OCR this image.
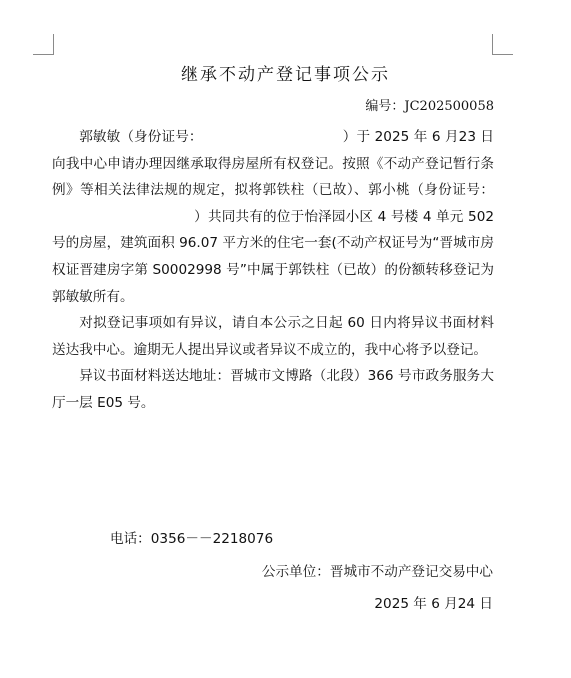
继承不动产登记事项公示
编号：JC202500058

郭敏敏（身份证号：	）于 2025 年 6 月23 日向我中心申请办理因继承取得房屋所有权登记。按照《不动产登记暂行条例》等相关法律法规的规定，拟将郭铁柱（已故）、郭小桃（身份证号：）共同共有的位于怡泽园小区 4 号楼 4 单元 502 号的房屋，建筑面积 96.07 平方米的住宅一套(不动产权证号为“晋城市房权证晋建房字第 S0002998 号”中属于郭铁柱（已故）的份额转移登记为郭敏敏所有。

对拟登记事项如有异议，请自本公示之日起 60 日内将异议书面材料送达我中心。逾期无人提出异议或者异议不成立的，我中心将予以登记。

异议书面材料送达地址：晋城市文博路（北段）366 号市政务服务大厅一层 E05 号。

电话：0356－－2218076
公示单位：晋城市不动产登记交易中心
2025 年 6 月24 日
